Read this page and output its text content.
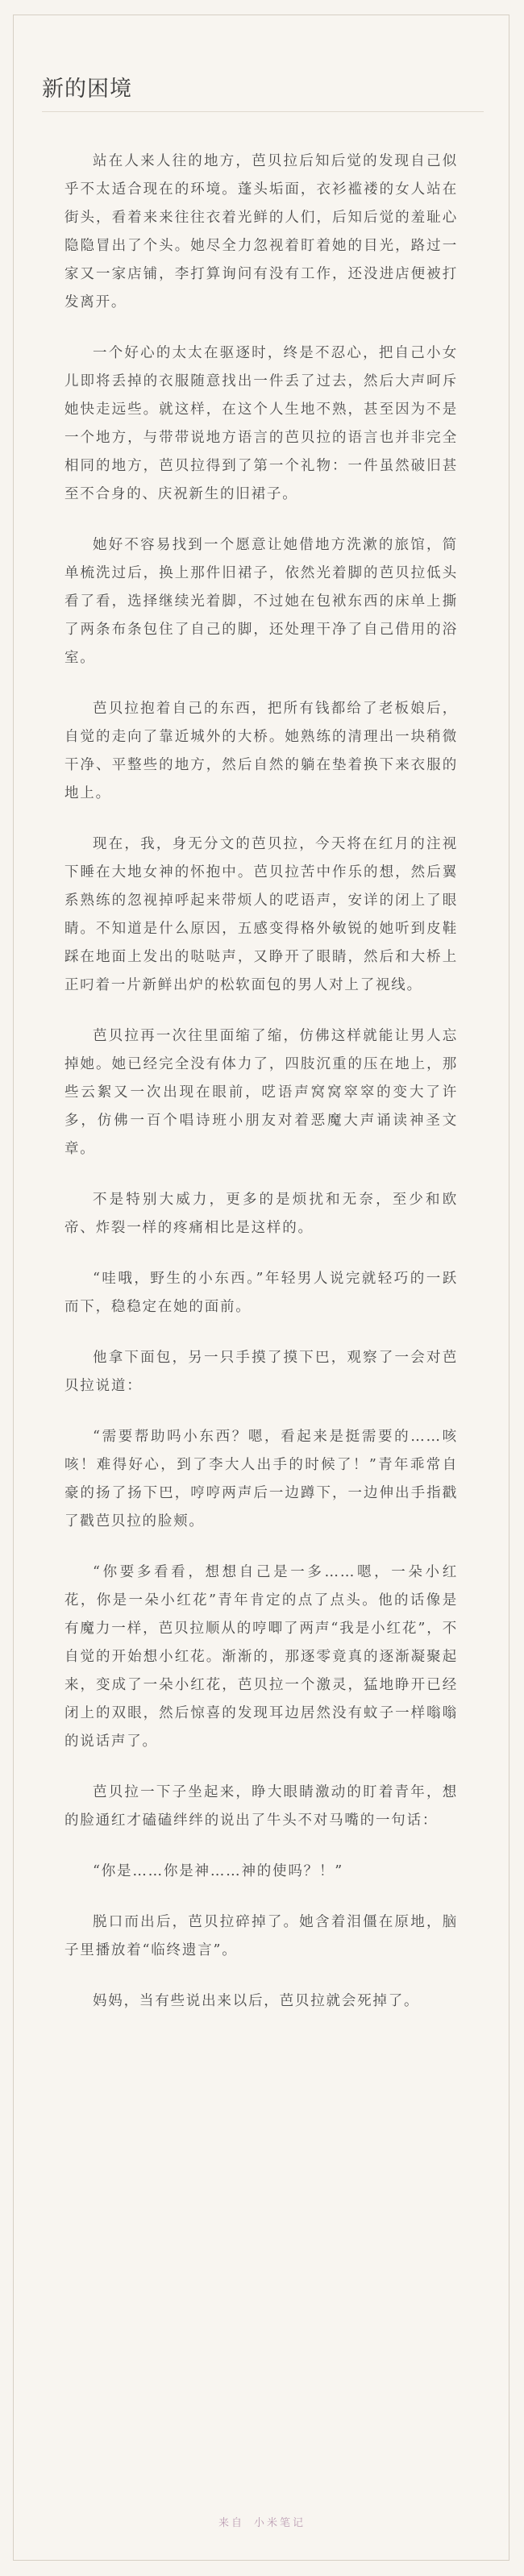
新的困境

站在人来人往的地方，芭贝拉后知后觉的发现自己似乎不太适合现在的环境。蓬头垢面，衣衫褴褛的女人站在街头，看着来来往往衣着光鲜的人们，后知后觉的羞耻心隐隐冒出了个头。她尽全力忽视着盯着她的目光，路过一家又一家店铺，李打算询问有没有工作，还没进店便被打发离开。

一个好心的太太在驱逐时，终是不忍心，把自己小女儿即将丢掉的衣服随意找出一件丢了过去，然后大声呵斥她快走远些。就这样，在这个人生地不熟，甚至因为不是一个地方，与带带说地方语言的芭贝拉的语言也并非完全相同的地方，芭贝拉得到了第一个礼物：一件虽然破旧甚至不合身的、庆祝新生的旧裙子。

她好不容易找到一个愿意让她借地方洗漱的旅馆，简单梳洗过后，换上那件旧裙子，依然光着脚的芭贝拉低头看了看，选择继续光着脚，不过她在包袱东西的床单上撕了两条布条包住了自己的脚，还处理干净了自己借用的浴室。

芭贝拉抱着自己的东西，把所有钱都给了老板娘后，自觉的走向了靠近城外的大桥。她熟练的清理出一块稍微干净、平整些的地方，然后自然的躺在垫着换下来衣服的地上。

现在，我，身无分文的芭贝拉，今天将在红月的注视下睡在大地女神的怀抱中。芭贝拉苦中作乐的想，然后翼系熟练的忽视掉呼起来带烦人的呓语声，安详的闭上了眼睛。不知道是什么原因，五感变得格外敏锐的她听到皮鞋踩在地面上发出的哒哒声，又睁开了眼睛，然后和大桥上正叼着一片新鲜出炉的松软面包的男人对上了视线。

芭贝拉再一次往里面缩了缩，仿佛这样就能让男人忘掉她。她已经完全没有体力了，四肢沉重的压在地上，那些云絮又一次出现在眼前，呓语声窝窝窣窣的变大了许多，仿佛一百个唱诗班小朋友对着恶魔大声诵读神圣文章。

不是特别大威力，更多的是烦扰和无奈，至少和欧帝、炸裂一样的疼痛相比是这样的。

“哇哦，野生的小东西。”年轻男人说完就轻巧的一跃而下，稳稳定在她的面前。

他拿下面包，另一只手摸了摸下巴，观察了一会对芭贝拉说道：

“需要帮助吗小东西？嗯，看起来是挺需要的……咳咳！难得好心，到了李大人出手的时候了！”青年乖常自豪的扬了扬下巴，哼哼两声后一边蹲下，一边伸出手指戳了戳芭贝拉的脸颊。

“你要多看看，想想自己是一多……嗯，一朵小红花，你是一朵小红花”青年肯定的点了点头。他的话像是有魔力一样，芭贝拉顺从的哼唧了两声“我是小红花”，不自觉的开始想小红花。渐渐的，那逐零竟真的逐渐凝聚起来，变成了一朵小红花，芭贝拉一个激灵，猛地睁开已经闭上的双眼，然后惊喜的发现耳边居然没有蚊子一样嗡嗡的说话声了。

芭贝拉一下子坐起来，睁大眼睛激动的盯着青年，想的脸通红才磕磕绊绊的说出了牛头不对马嘴的一句话：

“你是……你是神……神的使吗？！”

脱口而出后，芭贝拉碎掉了。她含着泪僵在原地，脑子里播放着“临终遗言”。

妈妈，当有些说出来以后，芭贝拉就会死掉了。

来自 小米笔记
